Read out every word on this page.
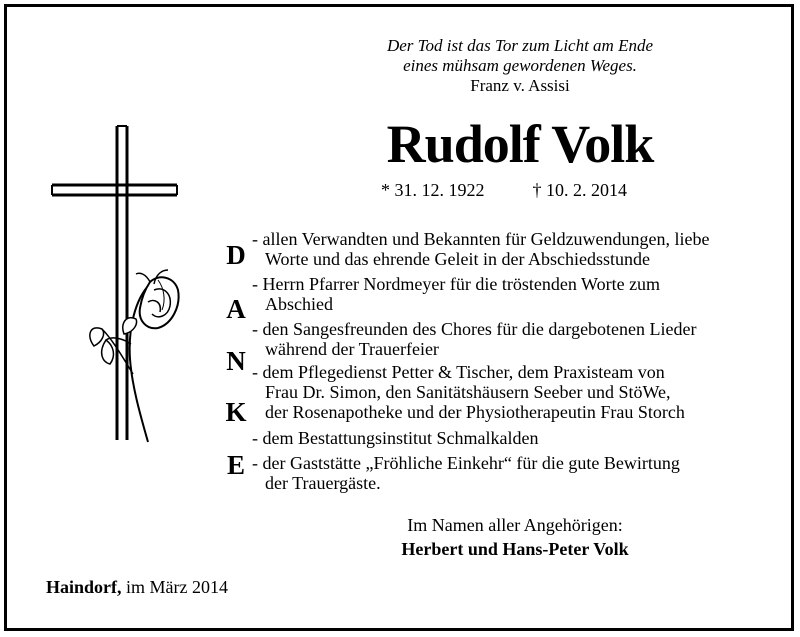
Der Tod ist das Tor zum Licht am Ende
eines mühsam gewordenen Weges.
Franz v. Assisi
Rudolf Volk
* 31. 12. 1922	† 10. 2. 2014
D
A
N
K
E
- allen Verwandten und Bekannten für Geldzuwendungen, liebe
Worte und das ehrende Geleit in der Abschiedsstunde
- Herrn Pfarrer Nordmeyer für die tröstenden Worte zum
Abschied
- den Sangesfreunden des Chores für die dargebotenen Lieder
während der Trauerfeier
- dem Pflegedienst Petter & Tischer, dem Praxisteam von
Frau Dr. Simon, den Sanitätshäusern Seeber und StöWe,
der Rosenapotheke und der Physiotherapeutin Frau Storch
- dem Bestattungsinstitut Schmalkalden
- der Gaststätte „Fröhliche Einkehr“ für die gute Bewirtung
der Trauergäste.
Im Namen aller Angehörigen:
Herbert und Hans-Peter Volk
Haindorf, im März 2014
